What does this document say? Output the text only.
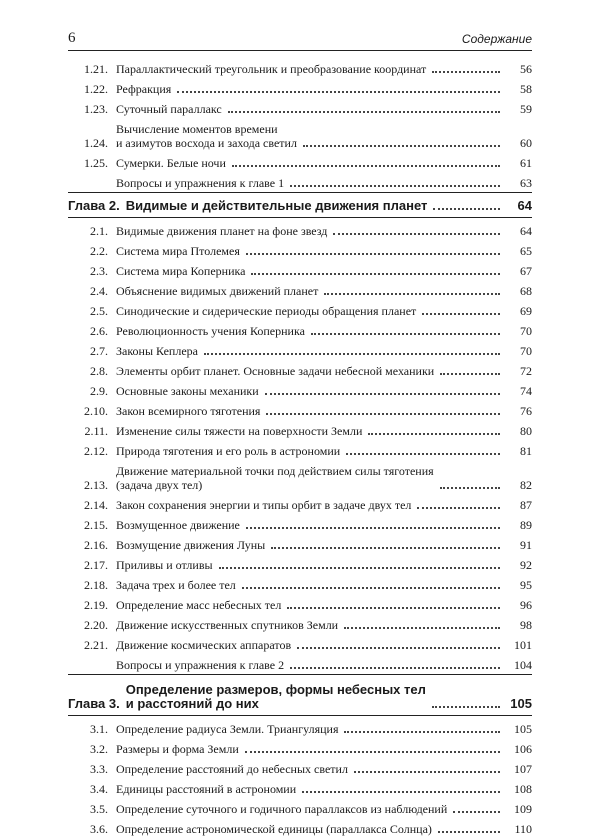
6	Содержание
1.21. Параллактический треугольник и преобразование координат	56
1.22. Рефракция	58
1.23. Суточный параллакс	59
1.24.
Вычисление моментов времени
и азимутов восхода и захода светил	60
1.25. Сумерки. Белые ночи	61
Вопросы и упражнения к главе 1	63
Глава 2. Видимые и действительные движения планет	64
2.1. Видимые движения планет на фоне звезд	64
2.2. Система мира Птолемея	65
2.3. Система мира Коперника	67
2.4. Объяснение видимых движений планет	68
2.5. Синодические и сидерические периоды обращения планет	69
2.6. Революционность учения Коперника	70
2.7. Законы Кеплера	70
2.8. Элементы орбит планет. Основные задачи небесной механики	72
2.9. Основные законы механики	74
2.10. Закон всемирного тяготения	76
2.11. Изменение силы тяжести на поверхности Земли	80
2.12. Природа тяготения и его роль в астрономии	81
2.13.
Движение материальной точки под действием силы тяготения
(задача двух тел)	82
2.14. Закон сохранения энергии и типы орбит в задаче двух тел	87
2.15. Возмущенное движение	89
2.16. Возмущение движения Луны	91
2.17. Приливы и отливы	92
2.18. Задача трех и более тел	95
2.19. Определение масс небесных тел	96
2.20. Движение искусственных спутников Земли	98
2.21. Движение космических аппаратов	101
Вопросы и упражнения к главе 2	104
Глава 3.
Определение размеров, формы небесных тел
и расстояний до них	105
3.1. Определение радиуса Земли. Триангуляция	105
3.2. Размеры и форма Земли	106
3.3. Определение расстояний до небесных светил	107
3.4. Единицы расстояний в астрономии	108
3.5. Определение суточного и годичного параллаксов из наблюдений	109
3.6. Определение астрономической единицы (параллакса Солнца)	110
